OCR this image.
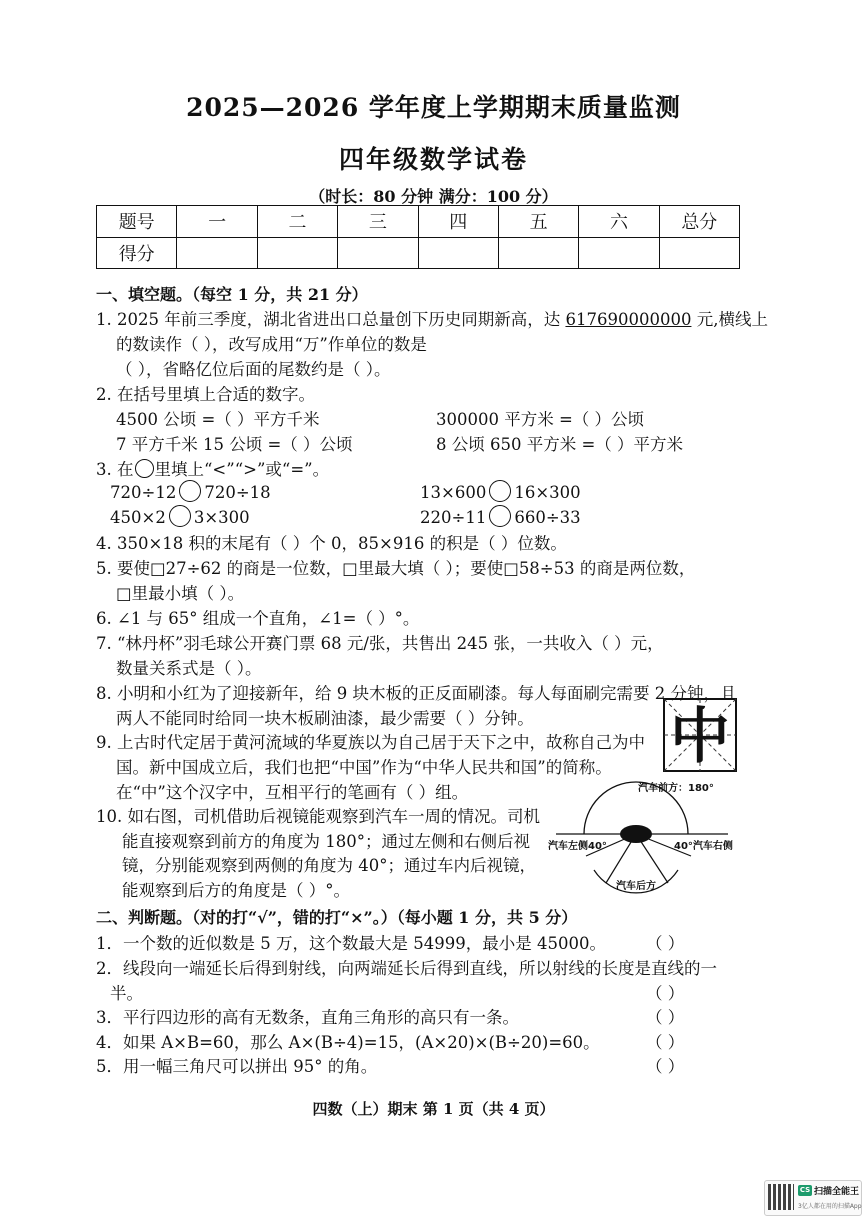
2025—2026 学年度上学期期末质量监测
四年级数学试卷
（时长：80 分钟 满分：100 分）
题号	一	二	三	四	五	六	总分
得分							
一、填空题。（每空 1 分，共 21 分）
1. 2025 年前三季度，湖北省进出口总量创下历史同期新高，达 617690000000 元,横线上
的数读作（ ），改写成用“万”作单位的数是
（ ），省略亿位后面的尾数约是（ ）。
2. 在括号里填上合适的数字。
4500 公顷 =（ ）平方千米	300000 平方米 =（ ）公顷
7 平方千米 15 公顷 =（ ）公顷	8 公顷 650 平方米 =（ ）平方米
3. 在 里填上“<”“>”或“=”。
720÷12 720÷18	13×600 16×300
450×2 3×300	220÷11 660÷33
4. 350×18 积的末尾有（ ）个 0，85×916 的积是（ ）位数。
5. 要使□27÷62 的商是一位数，□里最大填（ ）；要使□58÷53 的商是两位数，
□里最小填（ ）。
6. ∠1 与 65° 组成一个直角，∠1=（ ）°。
7. “林丹杯”羽毛球公开赛门票 68 元/张，共售出 245 张，一共收入（ ）元，
数量关系式是（ ）。
8. 小明和小红为了迎接新年，给 9 块木板的正反面刷漆。每人每面刷完需要 2 分钟，且
两人不能同时给同一块木板刷油漆，最少需要（ ）分钟。
9. 上古时代定居于黄河流域的华夏族以为自己居于天下之中，故称自己为中
国。新中国成立后，我们也把“中国”作为“中华人民共和国”的简称。
在“中”这个汉字中，互相平行的笔画有（ ）组。
中
10. 如右图，司机借助后视镜能观察到汽车一周的情况。司机
能直接观察到前方的角度为 180°；通过左侧和右侧后视
镜，分别能观察到两侧的角度为 40°；通过车内后视镜，
能观察到后方的角度是（ ）°。
汽车前方：180°
汽车左侧40°	40°汽车右侧
汽车后方
二、判断题。（对的打“√”，错的打“×”。）（每小题 1 分，共 5 分）
1．一个数的近似数是 5 万，这个数最大是 54999，最小是 45000。 （ ）
2．线段向一端延长后得到射线，向两端延长后得到直线，所以射线的长度是直线的一
半。	（ ）
3．平行四边形的高有无数条，直角三角形的高只有一条。	（ ）
4．如果 A×B=60，那么 A×(B÷4)=15，(A×20)×(B÷20)=60。	（ ）
5．用一幅三角尺可以拼出 95° 的角。	（ ）
四数（上）期末 第 1 页（共 4 页）
CS 扫描全能王
3亿人都在用的扫描App
